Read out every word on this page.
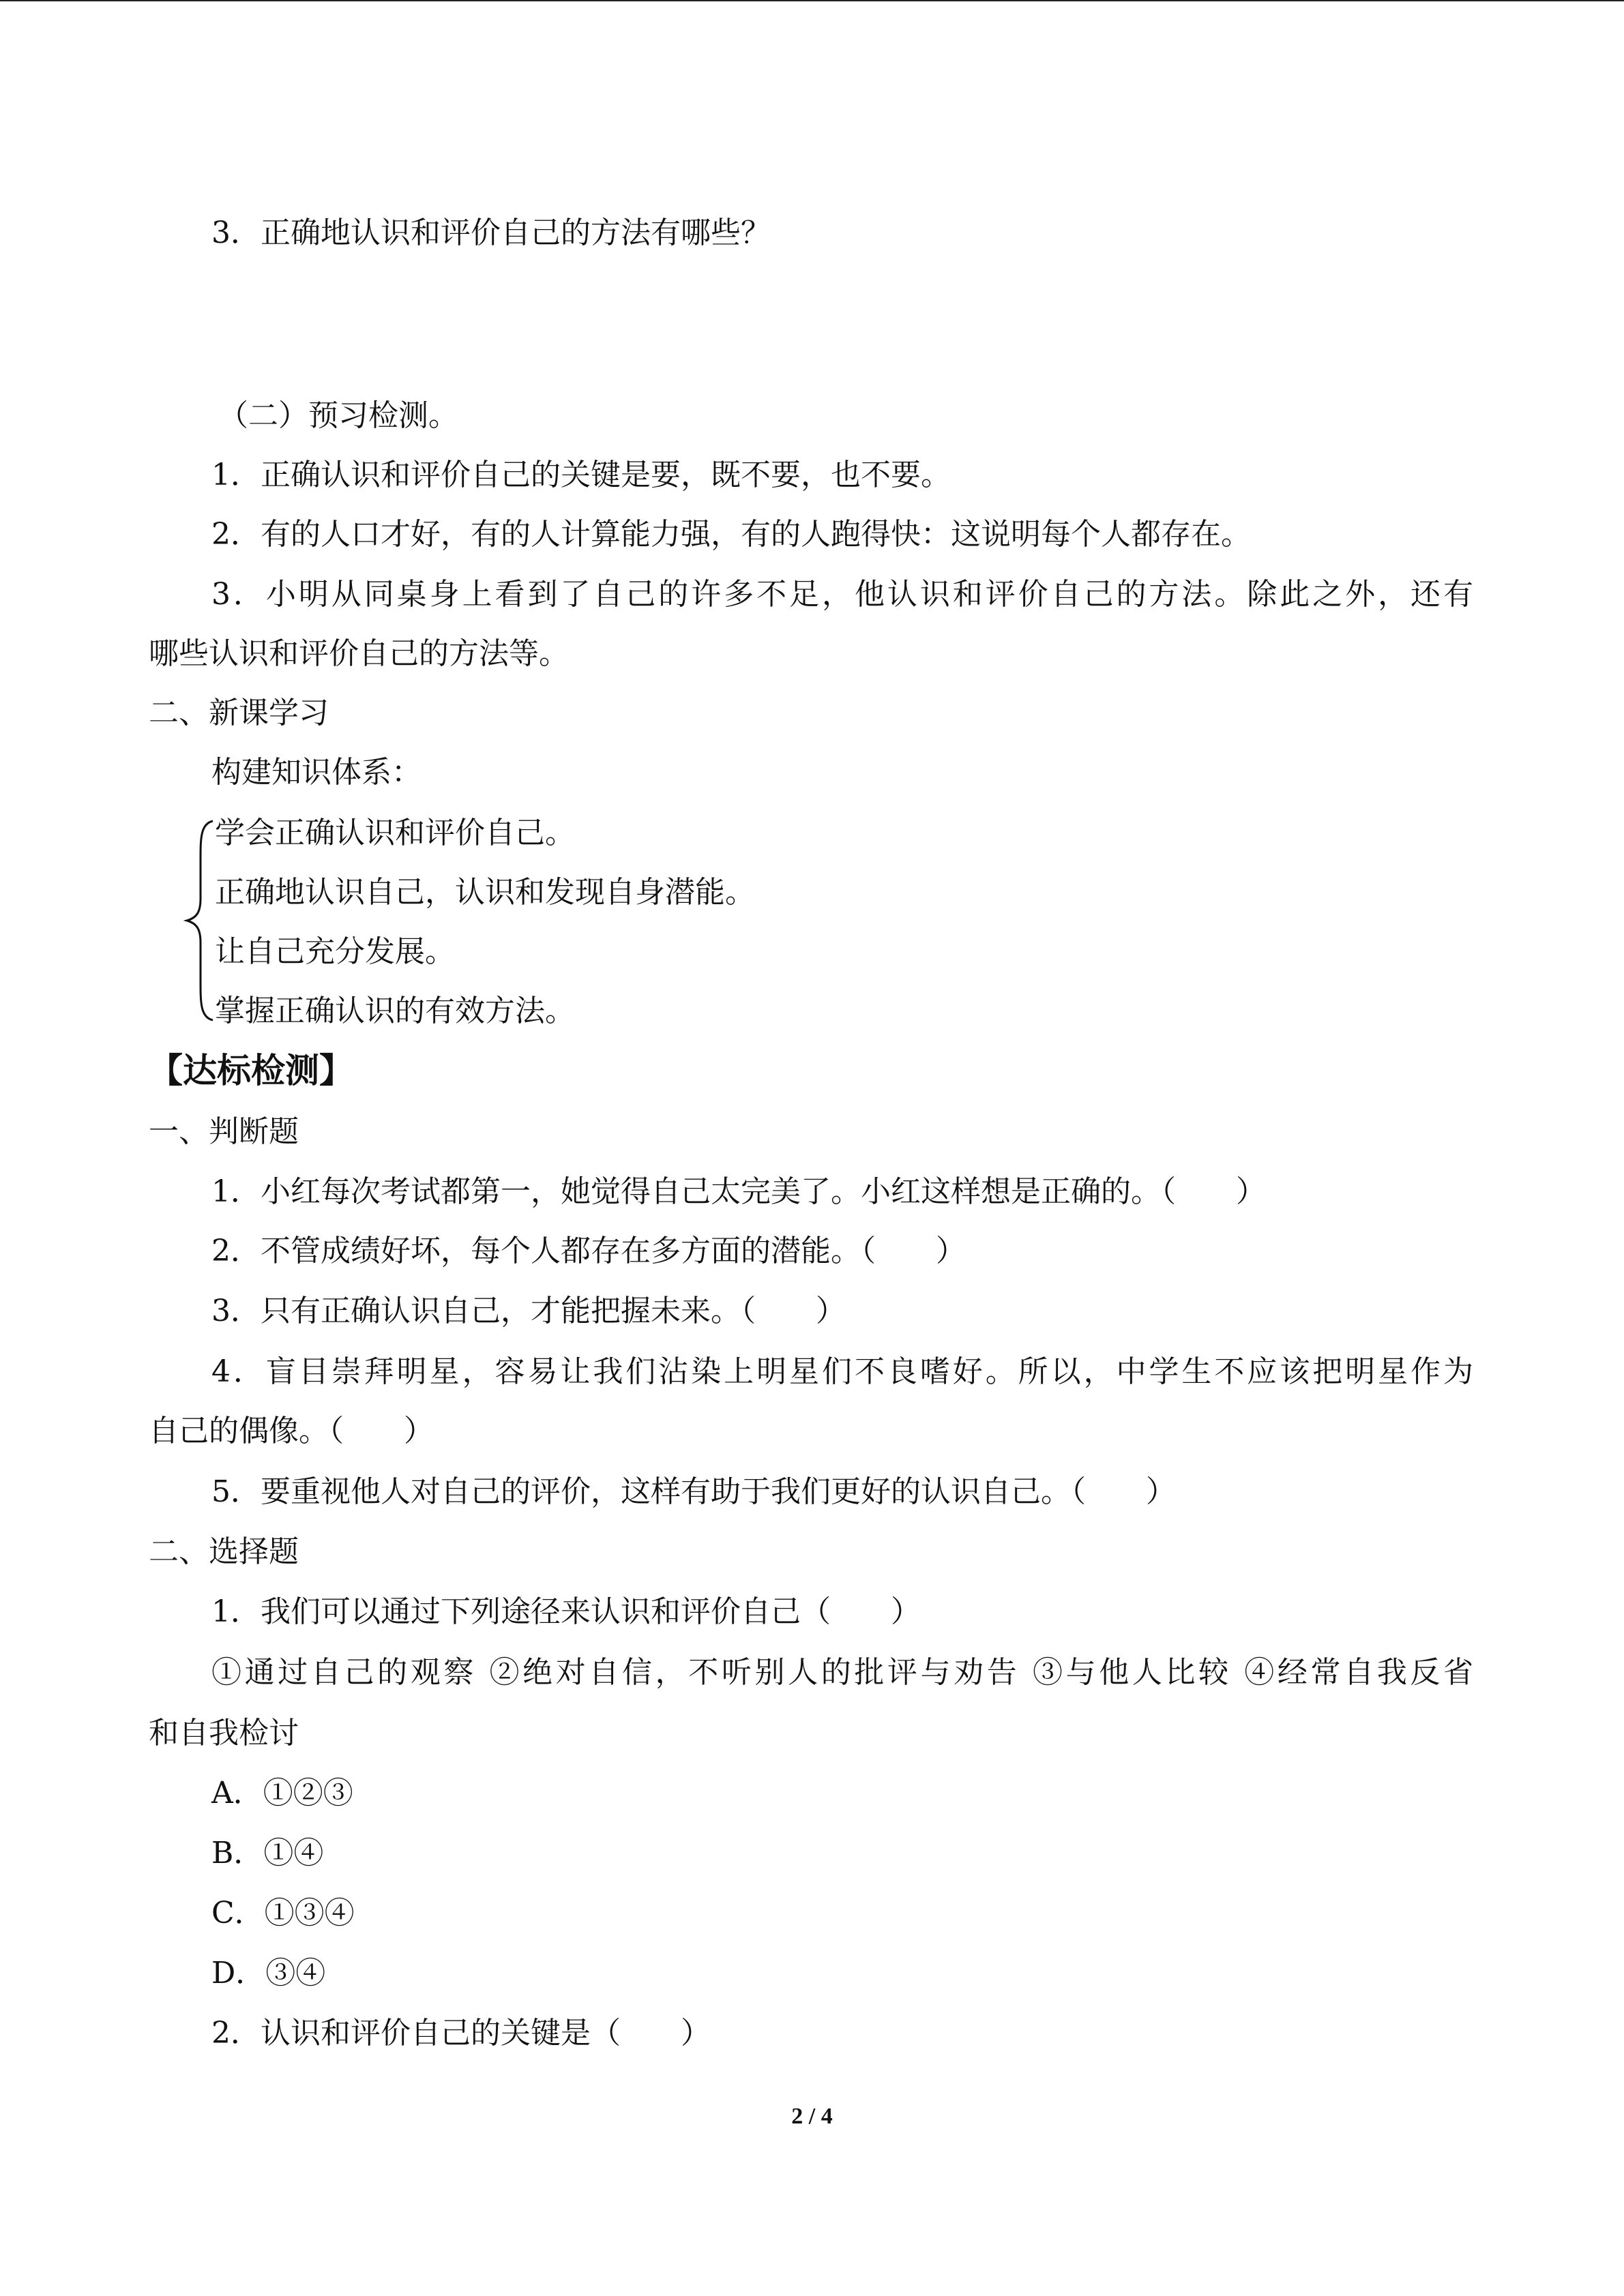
3．正确地认识和评价自己的方法有哪些？
（二）预习检测。
1．正确认识和评价自己的关键是要，既不要，也不要。
2．有的人口才好，有的人计算能力强，有的人跑得快：这说明每个人都存在。
3．小明从同桌身上看到了自己的许多不足，他认识和评价自己的方法。除此之外，还有
哪些认识和评价自己的方法等。
二、新课学习
构建知识体系：
学会正确认识和评价自己。
正确地认识自己，认识和发现自身潜能。
让自己充分发展。
掌握正确认识的有效方法。
【达标检测】
一、判断题
1．小红每次考试都第一，她觉得自己太完美了。小红这样想是正确的。（　　）
2．不管成绩好坏，每个人都存在多方面的潜能。（　　）
3．只有正确认识自己，才能把握未来。（　　）
4．盲目崇拜明星，容易让我们沾染上明星们不良嗜好。所以，中学生不应该把明星作为
自己的偶像。（　　）
5．要重视他人对自己的评价，这样有助于我们更好的认识自己。（　　）
二、选择题
1．我们可以通过下列途径来认识和评价自己（　　）
①通过自己的观察 ②绝对自信，不听别人的批评与劝告 ③与他人比较 ④经常自我反省
和自我检讨
A．①②③
B．①④
C．①③④
D．③④
2．认识和评价自己的关键是（　　）
2 / 4
